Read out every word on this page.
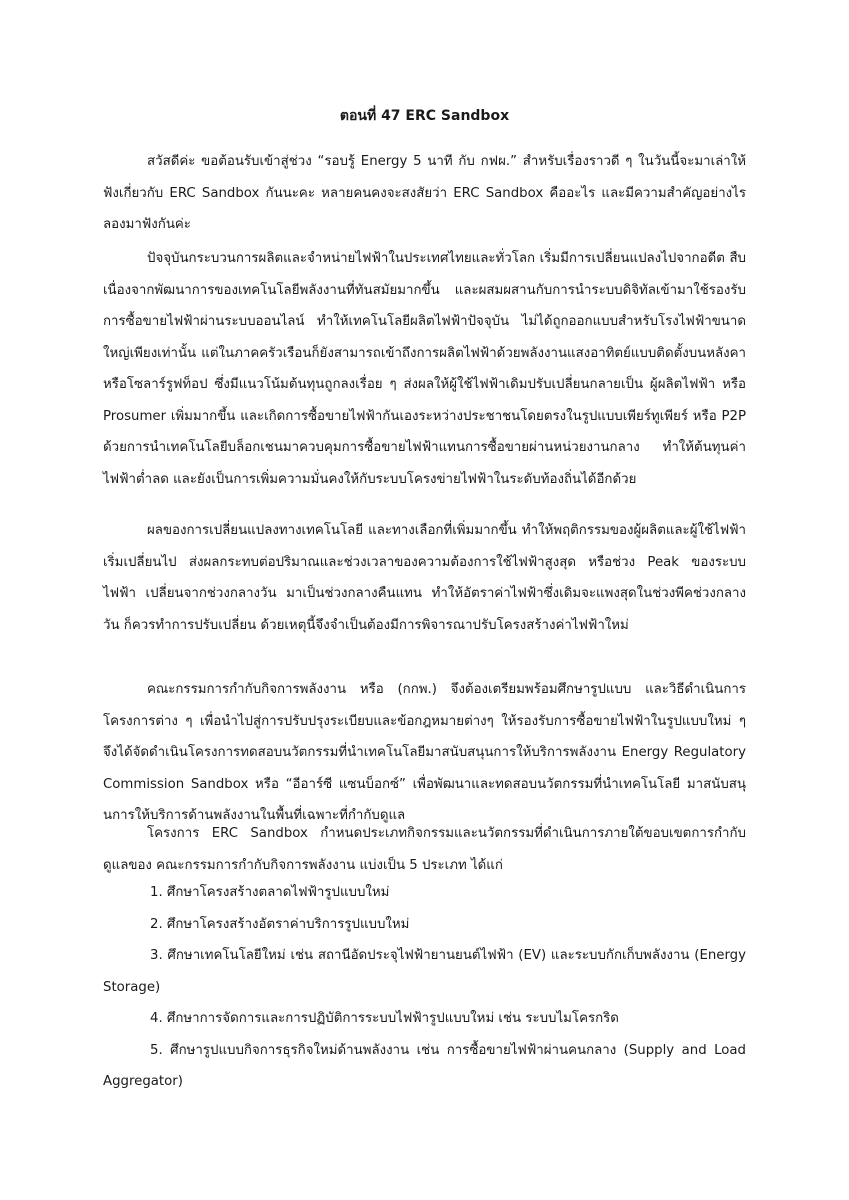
ตอนที่ 47 ERC Sandbox

สวัสดีค่ะ ขอต้อนรับเข้าสู่ช่วง “รอบรู้ Energy 5 นาที กับ กฟผ.” สำหรับเรื่องราวดี ๆ ในวันนี้จะมาเล่าให้ฟังเกี่ยวกับ ERC Sandbox กันนะคะ หลายคนคงจะสงสัยว่า ERC Sandbox คืออะไร และมีความสำคัญอย่างไร ลองมาฟังกันค่ะ

ปัจจุบันกระบวนการผลิตและจำหน่ายไฟฟ้าในประเทศไทยและทั่วโลก เริ่มมีการเปลี่ยนแปลงไปจากอดีต สืบเนื่องจากพัฒนาการของเทคโนโลยีพลังงานที่ทันสมัยมากขึ้น และผสมผสานกับการนำระบบดิจิทัลเข้ามาใช้รองรับการซื้อขายไฟฟ้าผ่านระบบออนไลน์ ทำให้เทคโนโลยีผลิตไฟฟ้าปัจจุบัน ไม่ได้ถูกออกแบบสำหรับโรงไฟฟ้าขนาดใหญ่เพียงเท่านั้น แต่ในภาคครัวเรือนก็ยังสามารถเข้าถึงการผลิตไฟฟ้าด้วยพลังงานแสงอาทิตย์แบบติดตั้งบนหลังคา หรือโซลาร์รูฟท็อป ซึ่งมีแนวโน้มต้นทุนถูกลงเรื่อย ๆ ส่งผลให้ผู้ใช้ไฟฟ้าเดิมปรับเปลี่ยนกลายเป็น ผู้ผลิตไฟฟ้า หรือ Prosumer เพิ่มมากขึ้น และเกิดการซื้อขายไฟฟ้ากันเองระหว่างประชาชนโดยตรงในรูปแบบเพียร์ทูเพียร์ หรือ P2P ด้วยการนำเทคโนโลยีบล็อกเชนมาควบคุมการซื้อขายไฟฟ้าแทนการซื้อขายผ่านหน่วยงานกลาง ทำให้ต้นทุนค่าไฟฟ้าต่ำลด และยังเป็นการเพิ่มความมั่นคงให้กับระบบโครงข่ายไฟฟ้าในระดับท้องถิ่นได้อีกด้วย

ผลของการเปลี่ยนแปลงทางเทคโนโลยี และทางเลือกที่เพิ่มมากขึ้น ทำให้พฤติกรรมของผู้ผลิตและผู้ใช้ไฟฟ้าเริ่มเปลี่ยนไป ส่งผลกระทบต่อปริมาณและช่วงเวลาของความต้องการใช้ไฟฟ้าสูงสุด หรือช่วง Peak ของระบบไฟฟ้า เปลี่ยนจากช่วงกลางวัน มาเป็นช่วงกลางคืนแทน ทำให้อัตราค่าไฟฟ้าซึ่งเดิมจะแพงสุดในช่วงพีคช่วงกลางวัน ก็ควรทำการปรับเปลี่ยน ด้วยเหตุนี้จึงจำเป็นต้องมีการพิจารณาปรับโครงสร้างค่าไฟฟ้าใหม่

คณะกรรมการกำกับกิจการพลังงาน หรือ (กกพ.) จึงต้องเตรียมพร้อมศึกษารูปแบบ และวิธีดำเนินการโครงการต่าง ๆ เพื่อนำไปสู่การปรับปรุงระเบียบและข้อกฎหมายต่างๆ ให้รองรับการซื้อขายไฟฟ้าในรูปแบบใหม่ ๆ จึงได้จัดดำเนินโครงการทดสอบนวัตกรรมที่นำเทคโนโลยีมาสนับสนุนการให้บริการพลังงาน Energy Regulatory Commission Sandbox หรือ “อีอาร์ซี แซนบ็อกซ์” เพื่อพัฒนาและทดสอบนวัตกรรมที่นำเทคโนโลยี มาสนับสนุนการให้บริการด้านพลังงานในพื้นที่เฉพาะที่กำกับดูแล

โครงการ ERC Sandbox กำหนดประเภทกิจกรรมและนวัตกรรมที่ดำเนินการภายใต้ขอบเขตการกำกับดูแลของ คณะกรรมการกำกับกิจการพลังงาน แบ่งเป็น 5 ประเภท ได้แก่

1. ศึกษาโครงสร้างตลาดไฟฟ้ารูปแบบใหม่
2. ศึกษาโครงสร้างอัตราค่าบริการรูปแบบใหม่
3. ศึกษาเทคโนโลยีใหม่ เช่น สถานีอัดประจุไฟฟ้ายานยนต์ไฟฟ้า (EV) และระบบกักเก็บพลังงาน (Energy Storage)
4. ศึกษาการจัดการและการปฏิบัติการระบบไฟฟ้ารูปแบบใหม่ เช่น ระบบไมโครกริด
5. ศึกษารูปแบบกิจการธุรกิจใหม่ด้านพลังงาน เช่น การซื้อขายไฟฟ้าผ่านคนกลาง (Supply and Load Aggregator)
